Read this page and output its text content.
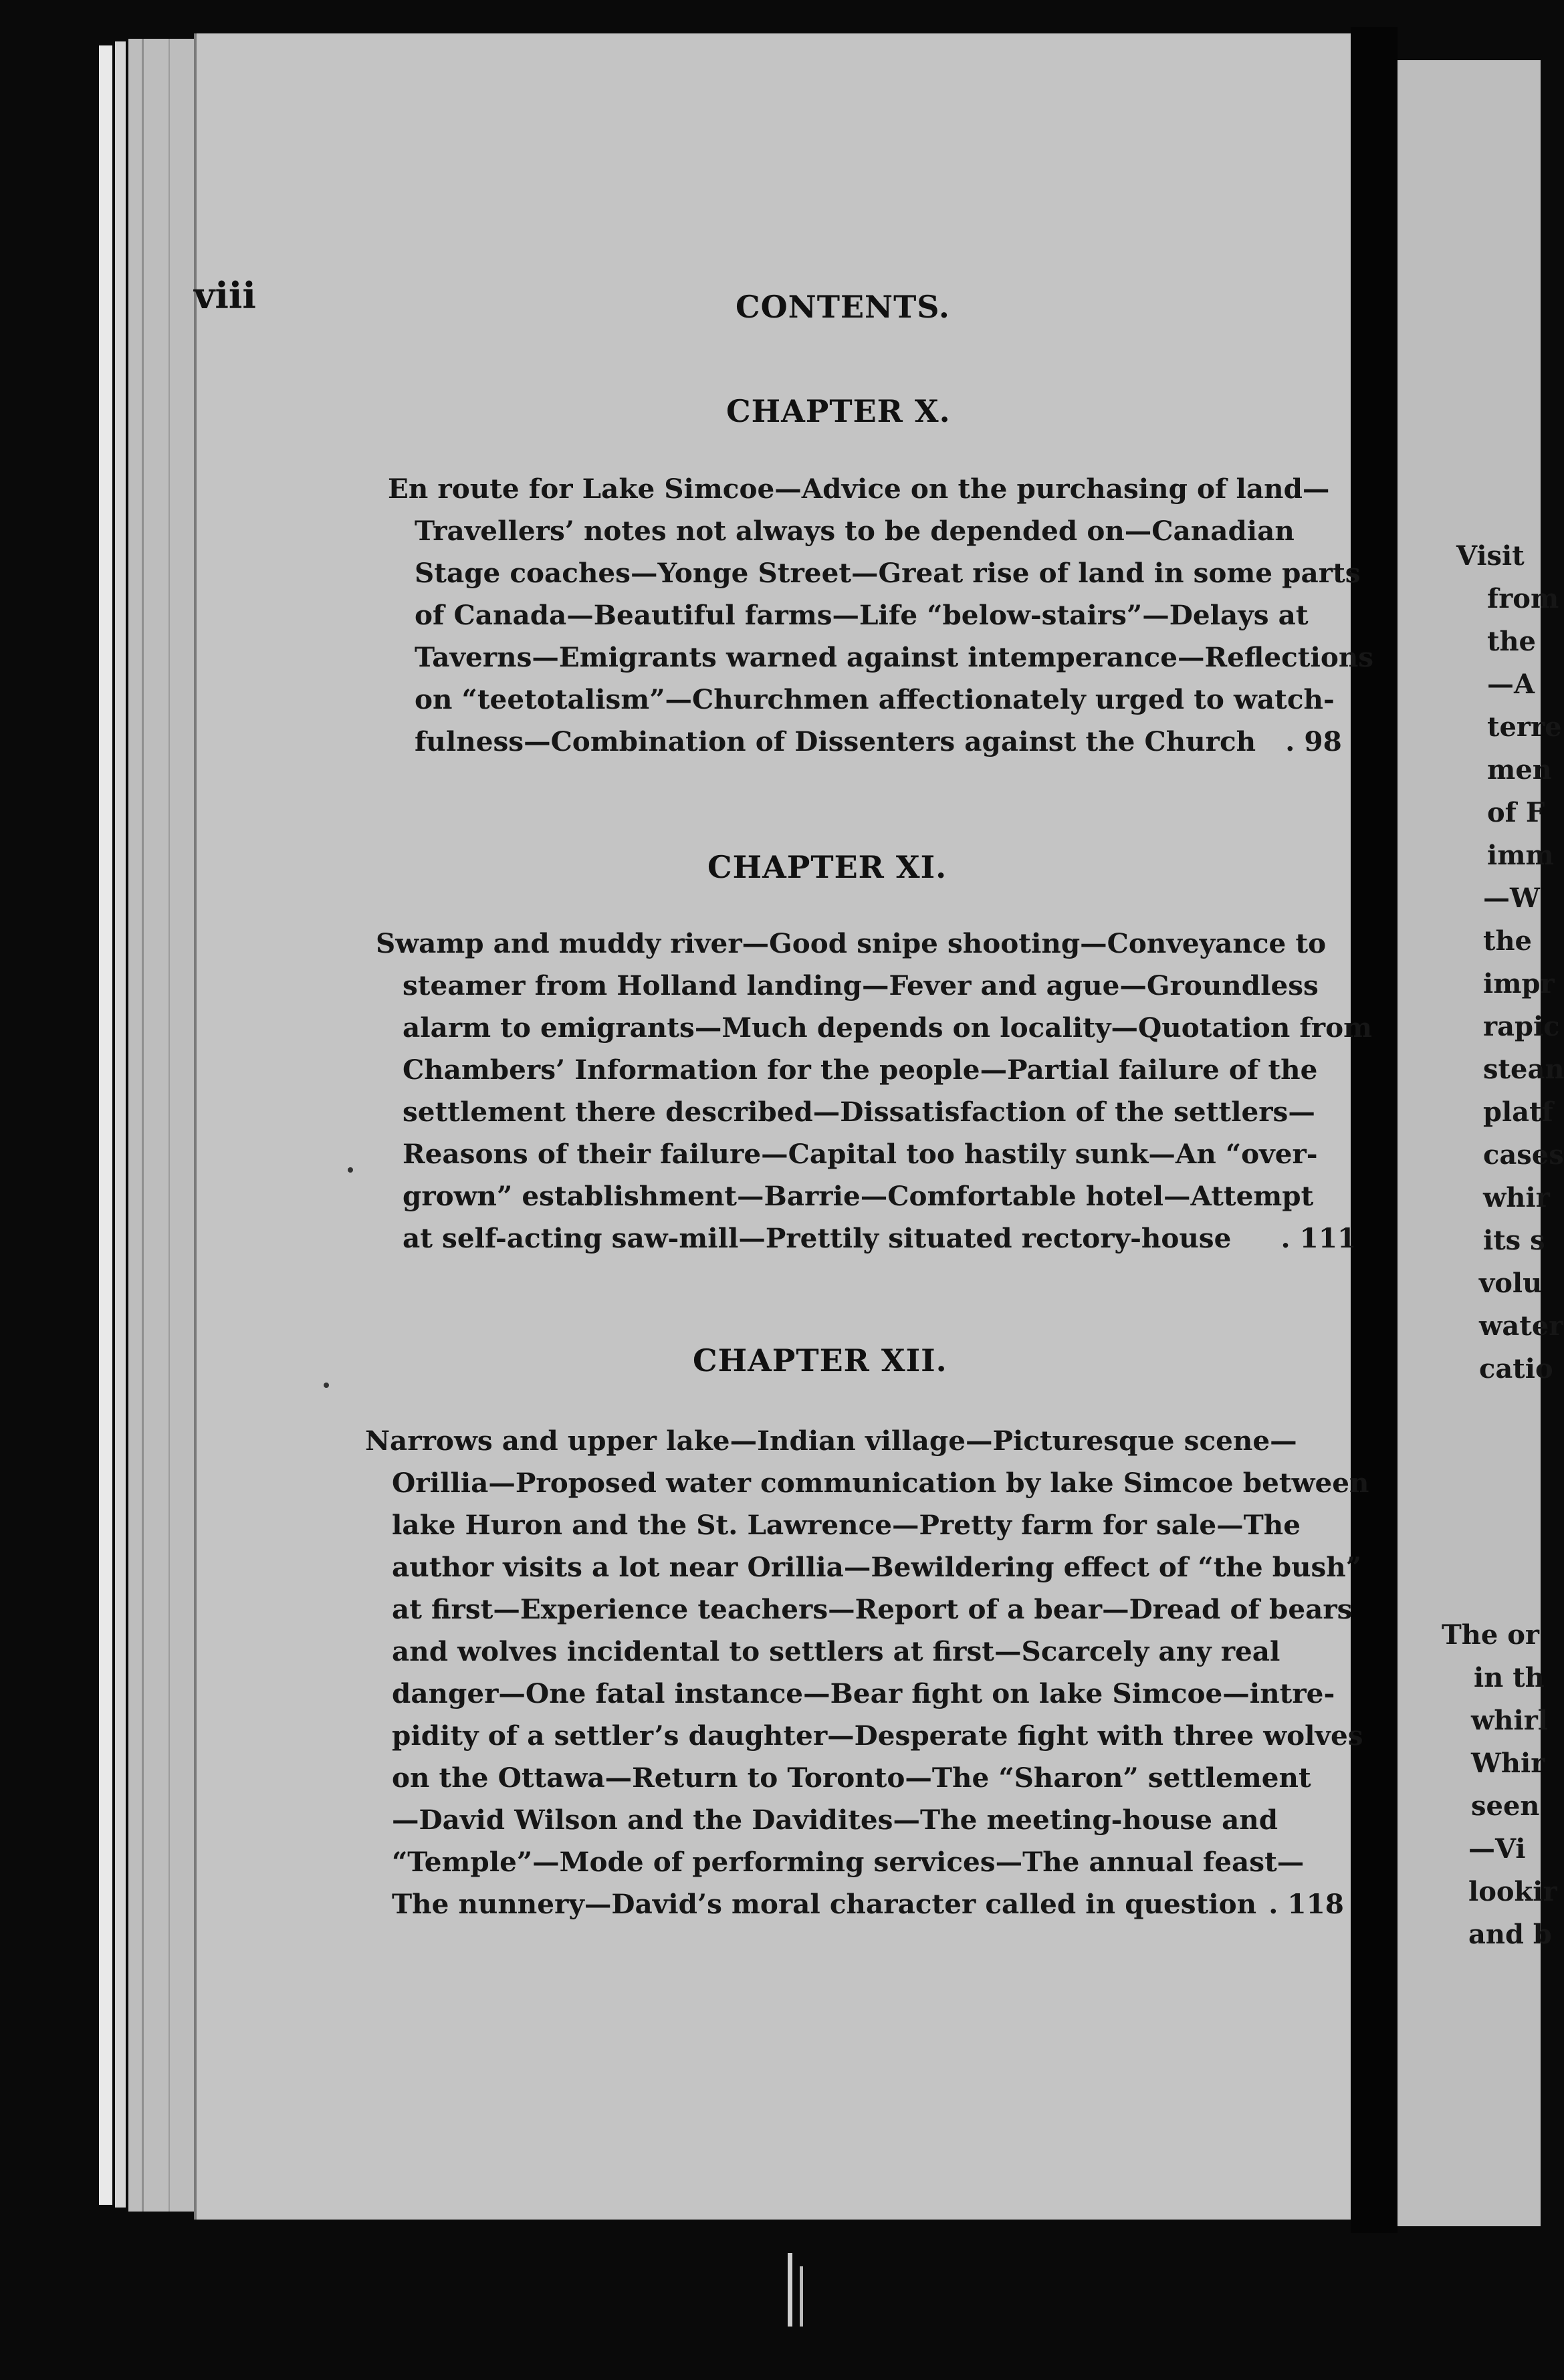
viii	CONTENTS.

CHAPTER X.

En route for Lake Simcoe—Advice on the purchasing of land—
Travellers’ notes not always to be depended on—Canadian
Stage coaches—Yonge Street—Great rise of land in some parts
of Canada—Beautiful farms—Life “below-stairs”—Delays at
Taverns—Emigrants warned against intemperance—Reflections
on “teetotalism”—Churchmen affectionately urged to watch-
fulness—Combination of Dissenters against the Church . 98

CHAPTER XI.

Swamp and muddy river—Good snipe shooting—Conveyance to
steamer from Holland landing—Fever and ague—Groundless
alarm to emigrants—Much depends on locality—Quotation from
Chambers’ Information for the people—Partial failure of the
settlement there described—Dissatisfaction of the settlers—
Reasons of their failure—Capital too hastily sunk—An “over-
grown” establishment—Barrie—Comfortable hotel—Attempt
at self-acting saw-mill—Prettily situated rectory-house . 111

CHAPTER XII.

Narrows and upper lake—Indian village—Picturesque scene—
Orillia—Proposed water communication by lake Simcoe between
lake Huron and the St. Lawrence—Pretty farm for sale—The
author visits a lot near Orillia—Bewildering effect of “the bush”
at first—Experience teachers—Report of a bear—Dread of bears
and wolves incidental to settlers at first—Scarcely any real
danger—One fatal instance—Bear fight on lake Simcoe—intre-
pidity of a settler’s daughter—Desperate fight with three wolves
on the Ottawa—Return to Toronto—The “Sharon” settlement
—David Wilson and the Davidites—The meeting-house and
“Temple”—Mode of performing services—The annual feast—
The nunnery—David’s moral character called in question . 118

Visit

from

the

—A

terre

men

of F

imm

—W

the

impr

rapic

stean

platf

cases

whir

its s

volu

water

catio

The or

in th

whirl

Whir

seen

—Vi

lookir

and b
